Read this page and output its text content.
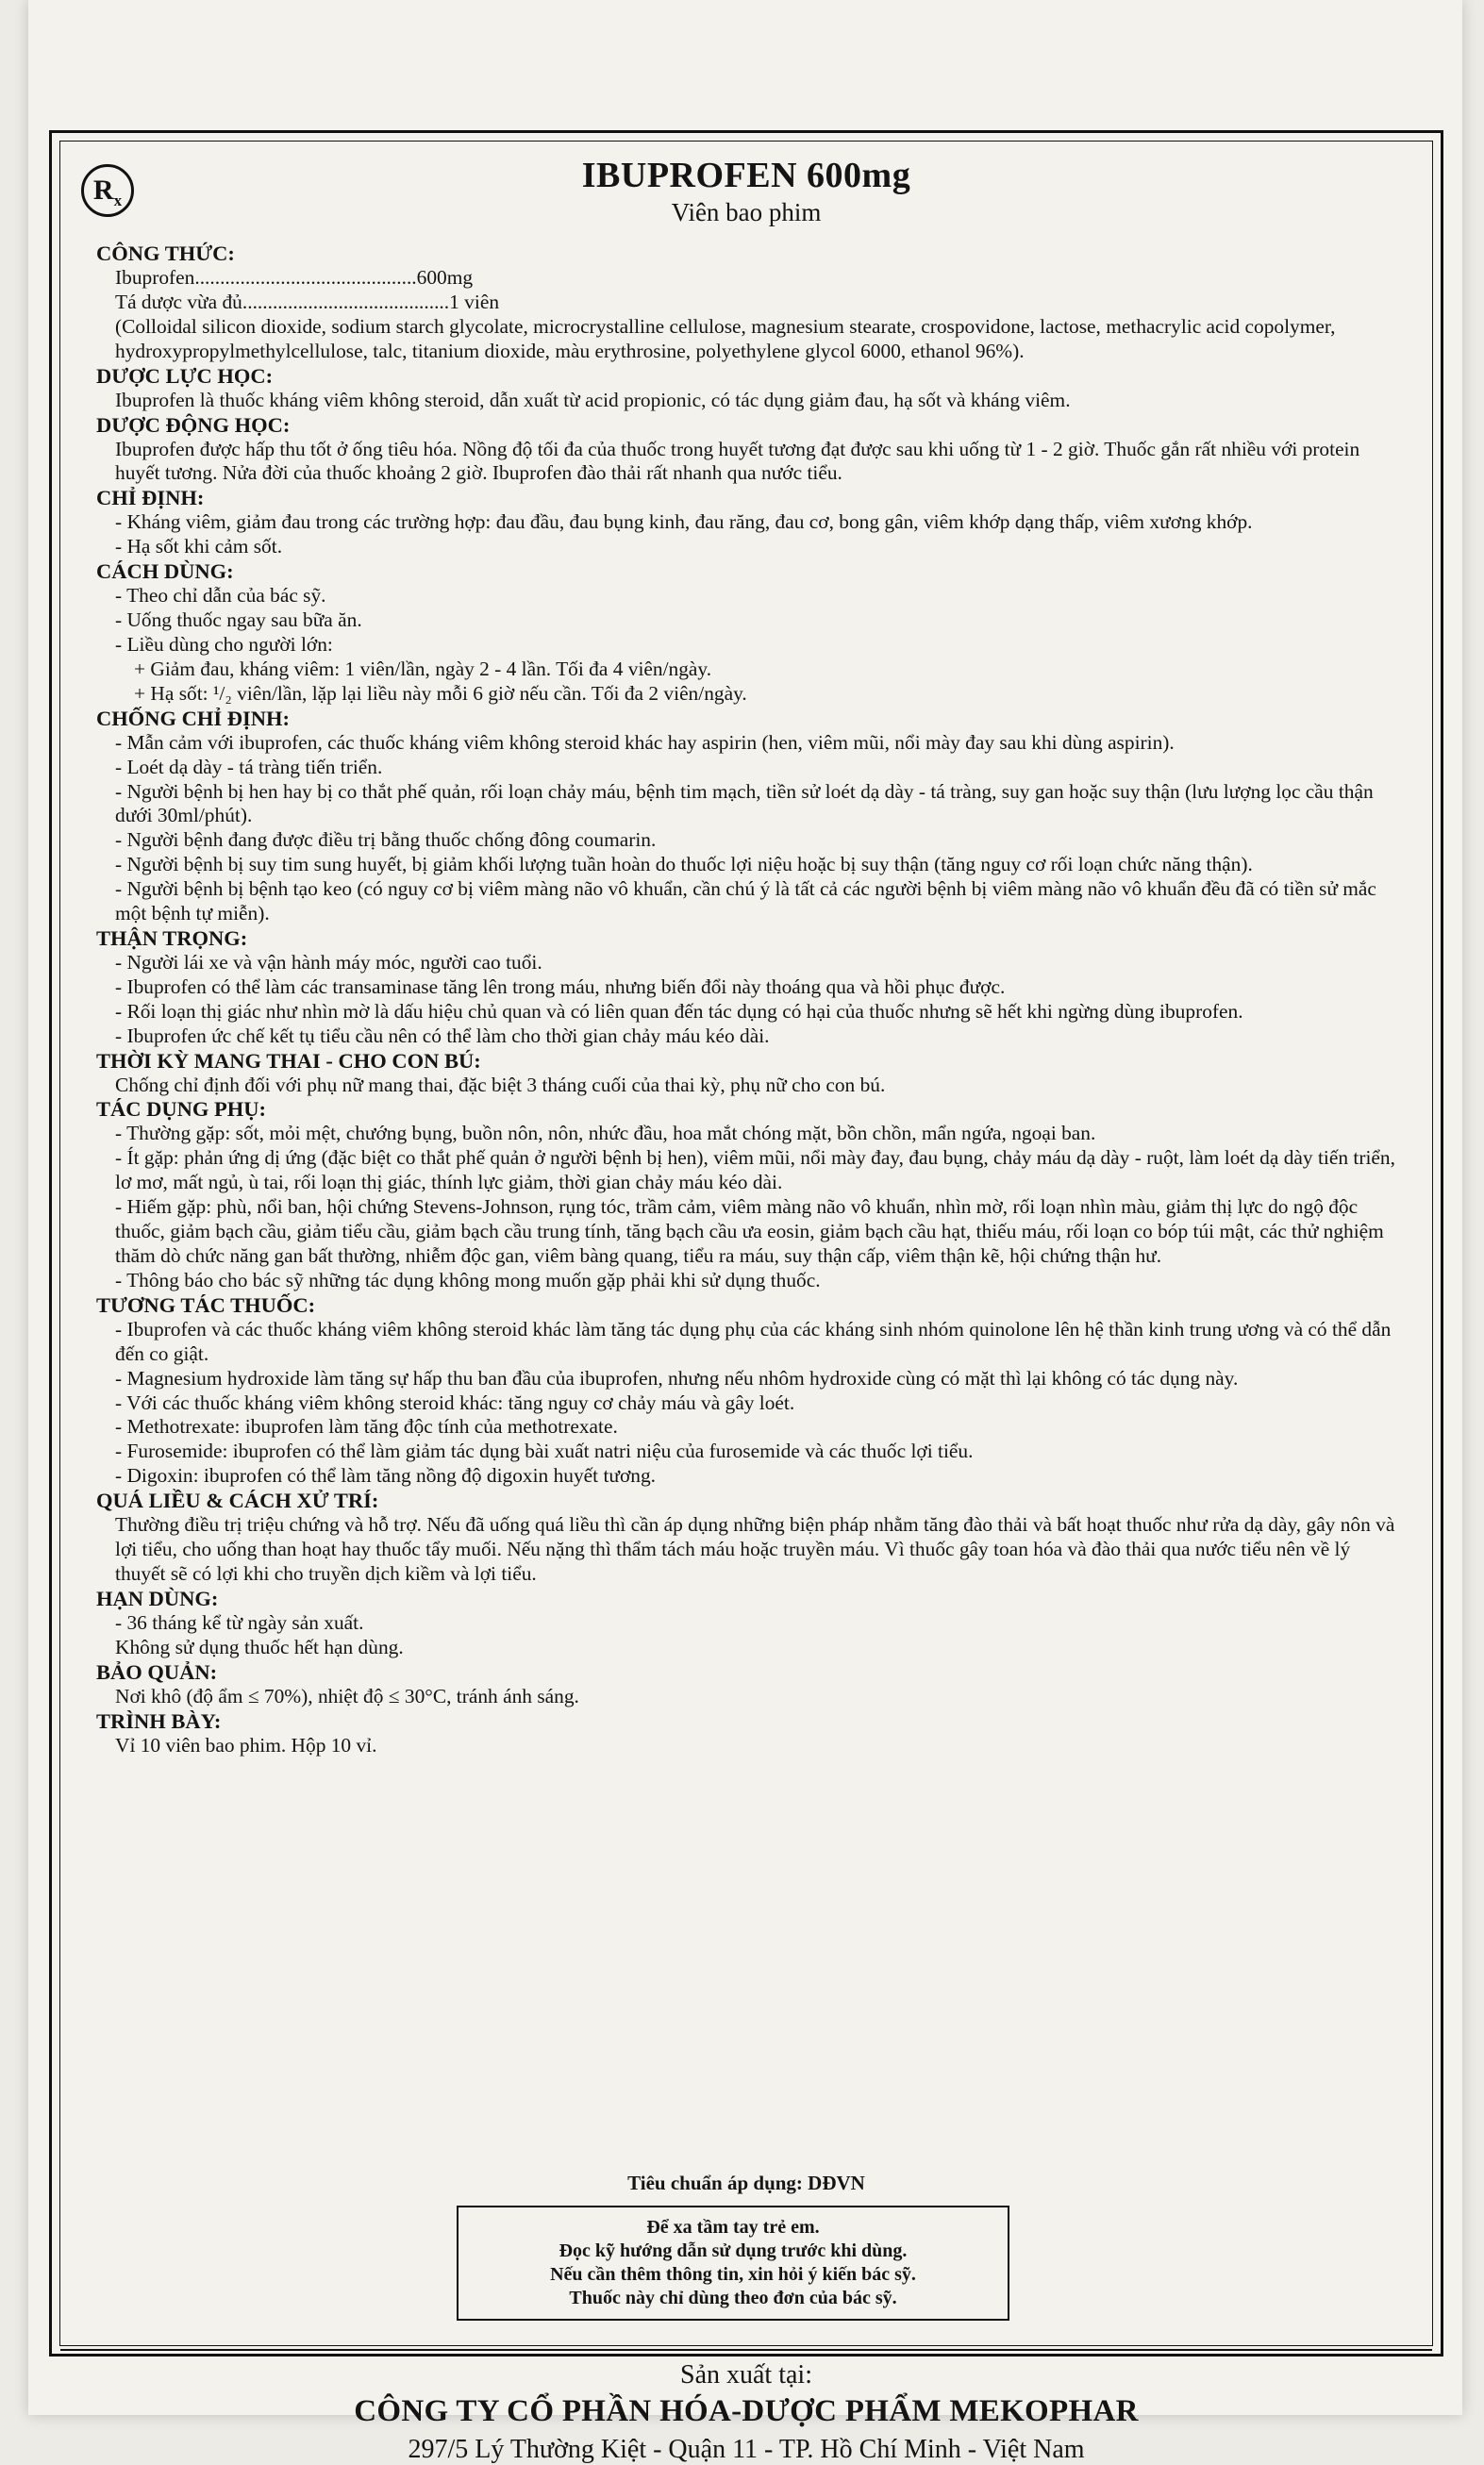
$R_x$
IBUPROFEN 600mg
Viên bao phim
CÔNG THỨC:
Ibuprofen............................................600mg
Tá dược vừa đủ.........................................1 viên
(Colloidal silicon dioxide, sodium starch glycolate, microcrystalline cellulose, magnesium stearate, crospovidone, lactose, methacrylic acid copolymer, hydroxypropylmethylcellulose, talc, titanium dioxide, màu erythrosine, polyethylene glycol 6000, ethanol 96%).
DƯỢC LỰC HỌC:
Ibuprofen là thuốc kháng viêm không steroid, dẫn xuất từ acid propionic, có tác dụng giảm đau, hạ sốt và kháng viêm.
DƯỢC ĐỘNG HỌC:
Ibuprofen được hấp thu tốt ở ống tiêu hóa. Nồng độ tối đa của thuốc trong huyết tương đạt được sau khi uống từ 1 - 2 giờ. Thuốc gắn rất nhiều với protein huyết tương. Nửa đời của thuốc khoảng 2 giờ. Ibuprofen đào thải rất nhanh qua nước tiểu.
CHỈ ĐỊNH:
- Kháng viêm, giảm đau trong các trường hợp: đau đầu, đau bụng kinh, đau răng, đau cơ, bong gân, viêm khớp dạng thấp, viêm xương khớp.
- Hạ sốt khi cảm sốt.
CÁCH DÙNG:
- Theo chỉ dẫn của bác sỹ.
- Uống thuốc ngay sau bữa ăn.
- Liều dùng cho người lớn:
+ Giảm đau, kháng viêm: 1 viên/lần, ngày 2 - 4 lần. Tối đa 4 viên/ngày.
+ Hạ sốt: ¹/₂ viên/lần, lặp lại liều này mỗi 6 giờ nếu cần. Tối đa 2 viên/ngày.
CHỐNG CHỈ ĐỊNH:
- Mẫn cảm với ibuprofen, các thuốc kháng viêm không steroid khác hay aspirin (hen, viêm mũi, nổi mày đay sau khi dùng aspirin).
- Loét dạ dày - tá tràng tiến triển.
- Người bệnh bị hen hay bị co thắt phế quản, rối loạn chảy máu, bệnh tim mạch, tiền sử loét dạ dày - tá tràng, suy gan hoặc suy thận (lưu lượng lọc cầu thận dưới 30ml/phút).
- Người bệnh đang được điều trị bằng thuốc chống đông coumarin.
- Người bệnh bị suy tim sung huyết, bị giảm khối lượng tuần hoàn do thuốc lợi niệu hoặc bị suy thận (tăng nguy cơ rối loạn chức năng thận).
- Người bệnh bị bệnh tạo keo (có nguy cơ bị viêm màng não vô khuẩn, cần chú ý là tất cả các người bệnh bị viêm màng não vô khuẩn đều đã có tiền sử mắc một bệnh tự miễn).
THẬN TRỌNG:
- Người lái xe và vận hành máy móc, người cao tuổi.
- Ibuprofen có thể làm các transaminase tăng lên trong máu, nhưng biến đổi này thoáng qua và hồi phục được.
- Rối loạn thị giác như nhìn mờ là dấu hiệu chủ quan và có liên quan đến tác dụng có hại của thuốc nhưng sẽ hết khi ngừng dùng ibuprofen.
- Ibuprofen ức chế kết tụ tiểu cầu nên có thể làm cho thời gian chảy máu kéo dài.
THỜI KỲ MANG THAI - CHO CON BÚ:
Chống chỉ định đối với phụ nữ mang thai, đặc biệt 3 tháng cuối của thai kỳ, phụ nữ cho con bú.
TÁC DỤNG PHỤ:
- Thường gặp: sốt, mỏi mệt, chướng bụng, buồn nôn, nôn, nhức đầu, hoa mắt chóng mặt, bồn chồn, mẩn ngứa, ngoại ban.
- Ít gặp: phản ứng dị ứng (đặc biệt co thắt phế quản ở người bệnh bị hen), viêm mũi, nổi mày đay, đau bụng, chảy máu dạ dày - ruột, làm loét dạ dày tiến triển, lơ mơ, mất ngủ, ù tai, rối loạn thị giác, thính lực giảm, thời gian chảy máu kéo dài.
- Hiếm gặp: phù, nổi ban, hội chứng Stevens-Johnson, rụng tóc, trầm cảm, viêm màng não vô khuẩn, nhìn mờ, rối loạn nhìn màu, giảm thị lực do ngộ độc thuốc, giảm bạch cầu, giảm tiểu cầu, giảm bạch cầu trung tính, tăng bạch cầu ưa eosin, giảm bạch cầu hạt, thiếu máu, rối loạn co bóp túi mật, các thử nghiệm thăm dò chức năng gan bất thường, nhiễm độc gan, viêm bàng quang, tiểu ra máu, suy thận cấp, viêm thận kẽ, hội chứng thận hư.
- Thông báo cho bác sỹ những tác dụng không mong muốn gặp phải khi sử dụng thuốc.
TƯƠNG TÁC THUỐC:
- Ibuprofen và các thuốc kháng viêm không steroid khác làm tăng tác dụng phụ của các kháng sinh nhóm quinolone lên hệ thần kinh trung ương và có thể dẫn đến co giật.
- Magnesium hydroxide làm tăng sự hấp thu ban đầu của ibuprofen, nhưng nếu nhôm hydroxide cùng có mặt thì lại không có tác dụng này.
- Với các thuốc kháng viêm không steroid khác: tăng nguy cơ chảy máu và gây loét.
- Methotrexate: ibuprofen làm tăng độc tính của methotrexate.
- Furosemide: ibuprofen có thể làm giảm tác dụng bài xuất natri niệu của furosemide và các thuốc lợi tiểu.
- Digoxin: ibuprofen có thể làm tăng nồng độ digoxin huyết tương.
QUÁ LIỀU & CÁCH XỬ TRÍ:
Thường điều trị triệu chứng và hỗ trợ. Nếu đã uống quá liều thì cần áp dụng những biện pháp nhằm tăng đào thải và bất hoạt thuốc như rửa dạ dày, gây nôn và lợi tiểu, cho uống than hoạt hay thuốc tẩy muối. Nếu nặng thì thẩm tách máu hoặc truyền máu. Vì thuốc gây toan hóa và đào thải qua nước tiểu nên về lý thuyết sẽ có lợi khi cho truyền dịch kiềm và lợi tiểu.
HẠN DÙNG:
- 36 tháng kể từ ngày sản xuất.
Không sử dụng thuốc hết hạn dùng.
BẢO QUẢN:
Nơi khô (độ ẩm ≤ 70%), nhiệt độ ≤ 30°C, tránh ánh sáng.
TRÌNH BÀY:
Vỉ 10 viên bao phim. Hộp 10 vỉ.
Tiêu chuẩn áp dụng: DĐVN
Để xa tầm tay trẻ em.
Đọc kỹ hướng dẫn sử dụng trước khi dùng.
Nếu cần thêm thông tin, xin hỏi ý kiến bác sỹ.
Thuốc này chỉ dùng theo đơn của bác sỹ.
Sản xuất tại:
CÔNG TY CỔ PHẦN HÓA-DƯỢC PHẨM MEKOPHAR
297/5 Lý Thường Kiệt - Quận 11 - TP. Hồ Chí Minh - Việt Nam
